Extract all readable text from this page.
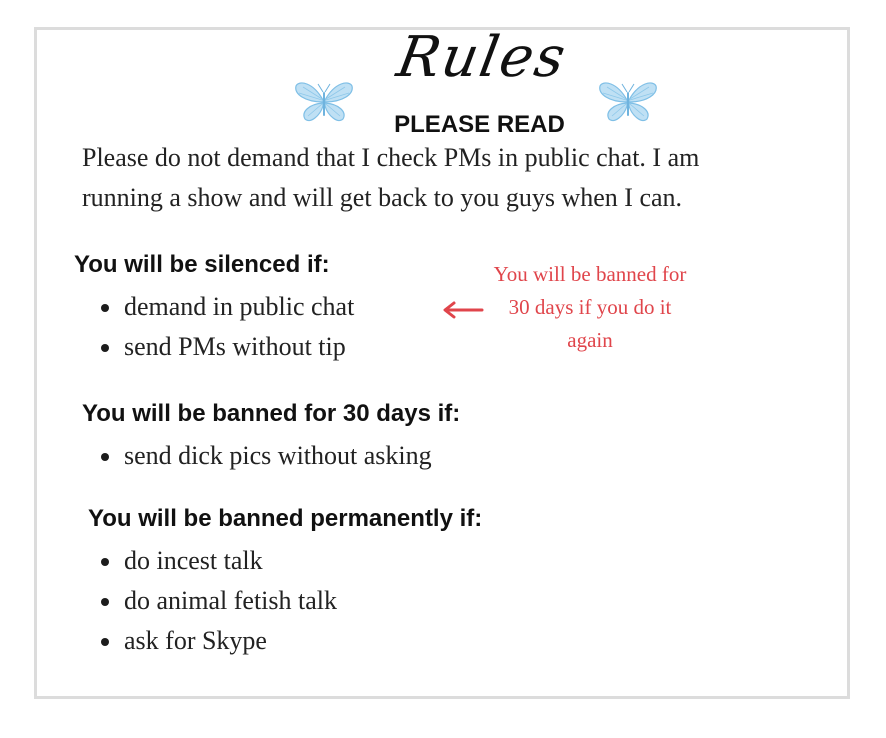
Rules
PLEASE READ

Please do not demand that I check PMs in public chat. I am running a show and will get back to you guys when I can.

You will be silenced if:
demand in public chat
send PMs without tip

You will be banned for 30 days if you do it again

You will be banned for 30 days if:
send dick pics without asking
You will be banned permanently if:
do incest talk
do animal fetish talk
ask for Skype
